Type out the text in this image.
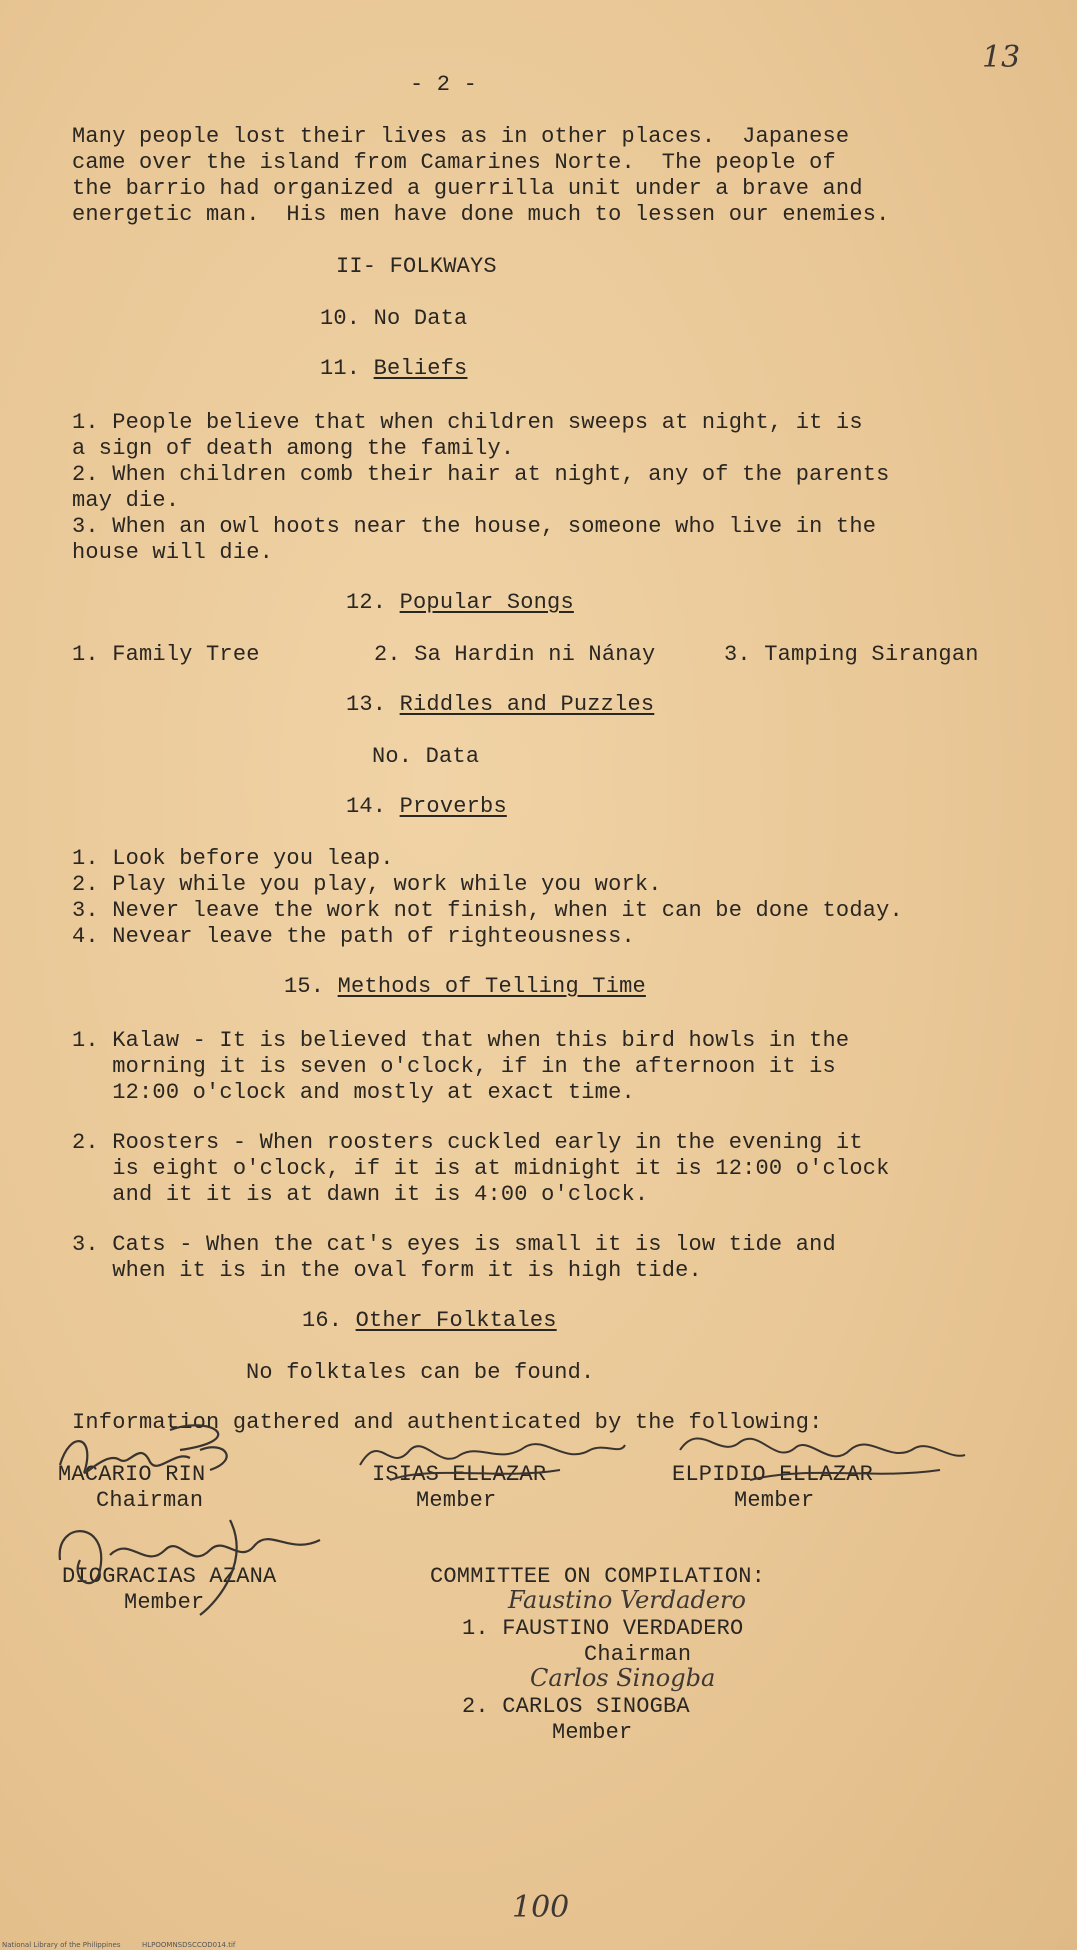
- 2 -
13
Many people lost their lives as in other places.  Japanese
came over the island from Camarines Norte.  The people of
the barrio had organized a guerrilla unit under a brave and
energetic man.  His men have done much to lessen our enemies.
II- FOLKWAYS
10. No Data
11. Beliefs
1. People believe that when children sweeps at night, it is
a sign of death among the family.
2. When children comb their hair at night, any of the parents
may die.
3. When an owl hoots near the house, someone who live in the
house will die.
12. Popular Songs
1. Family Tree	2. Sa Hardin ni Nánay	3. Tamping Sirangan
13. Riddles and Puzzles
No. Data
14. Proverbs
1. Look before you leap.
2. Play while you play, work while you work.
3. Never leave the work not finish, when it can be done today.
4. Nevear leave the path of righteousness.
15. Methods of Telling Time
1. Kalaw - It is believed that when this bird howls in the
morning it is seven o'clock, if in the afternoon it is
12:00 o'clock and mostly at exact time.
2. Roosters - When roosters cuckled early in the evening it
is eight o'clock, if it is at midnight it is 12:00 o'clock
and it it is at dawn it is 4:00 o'clock.
3. Cats - When the cat's eyes is small it is low tide and
when it is in the oval form it is high tide.
16. Other Folktales
No folktales can be found.
Information gathered and authenticated by the following:
MACARIO RIN
Chairman
ISIAS ELLAZAR
Member
ELPIDIO ELLAZAR
Member
DIOGRACIAS AZANA
Member
COMMITTEE ON COMPILATION:
Faustino Verdadero
1. FAUSTINO VERDADERO
Chairman
Carlos Sinogba
2. CARLOS SINOGBA
Member
100
National Library of the Philippines	HLPOOMNSDSCCOD014.tif
